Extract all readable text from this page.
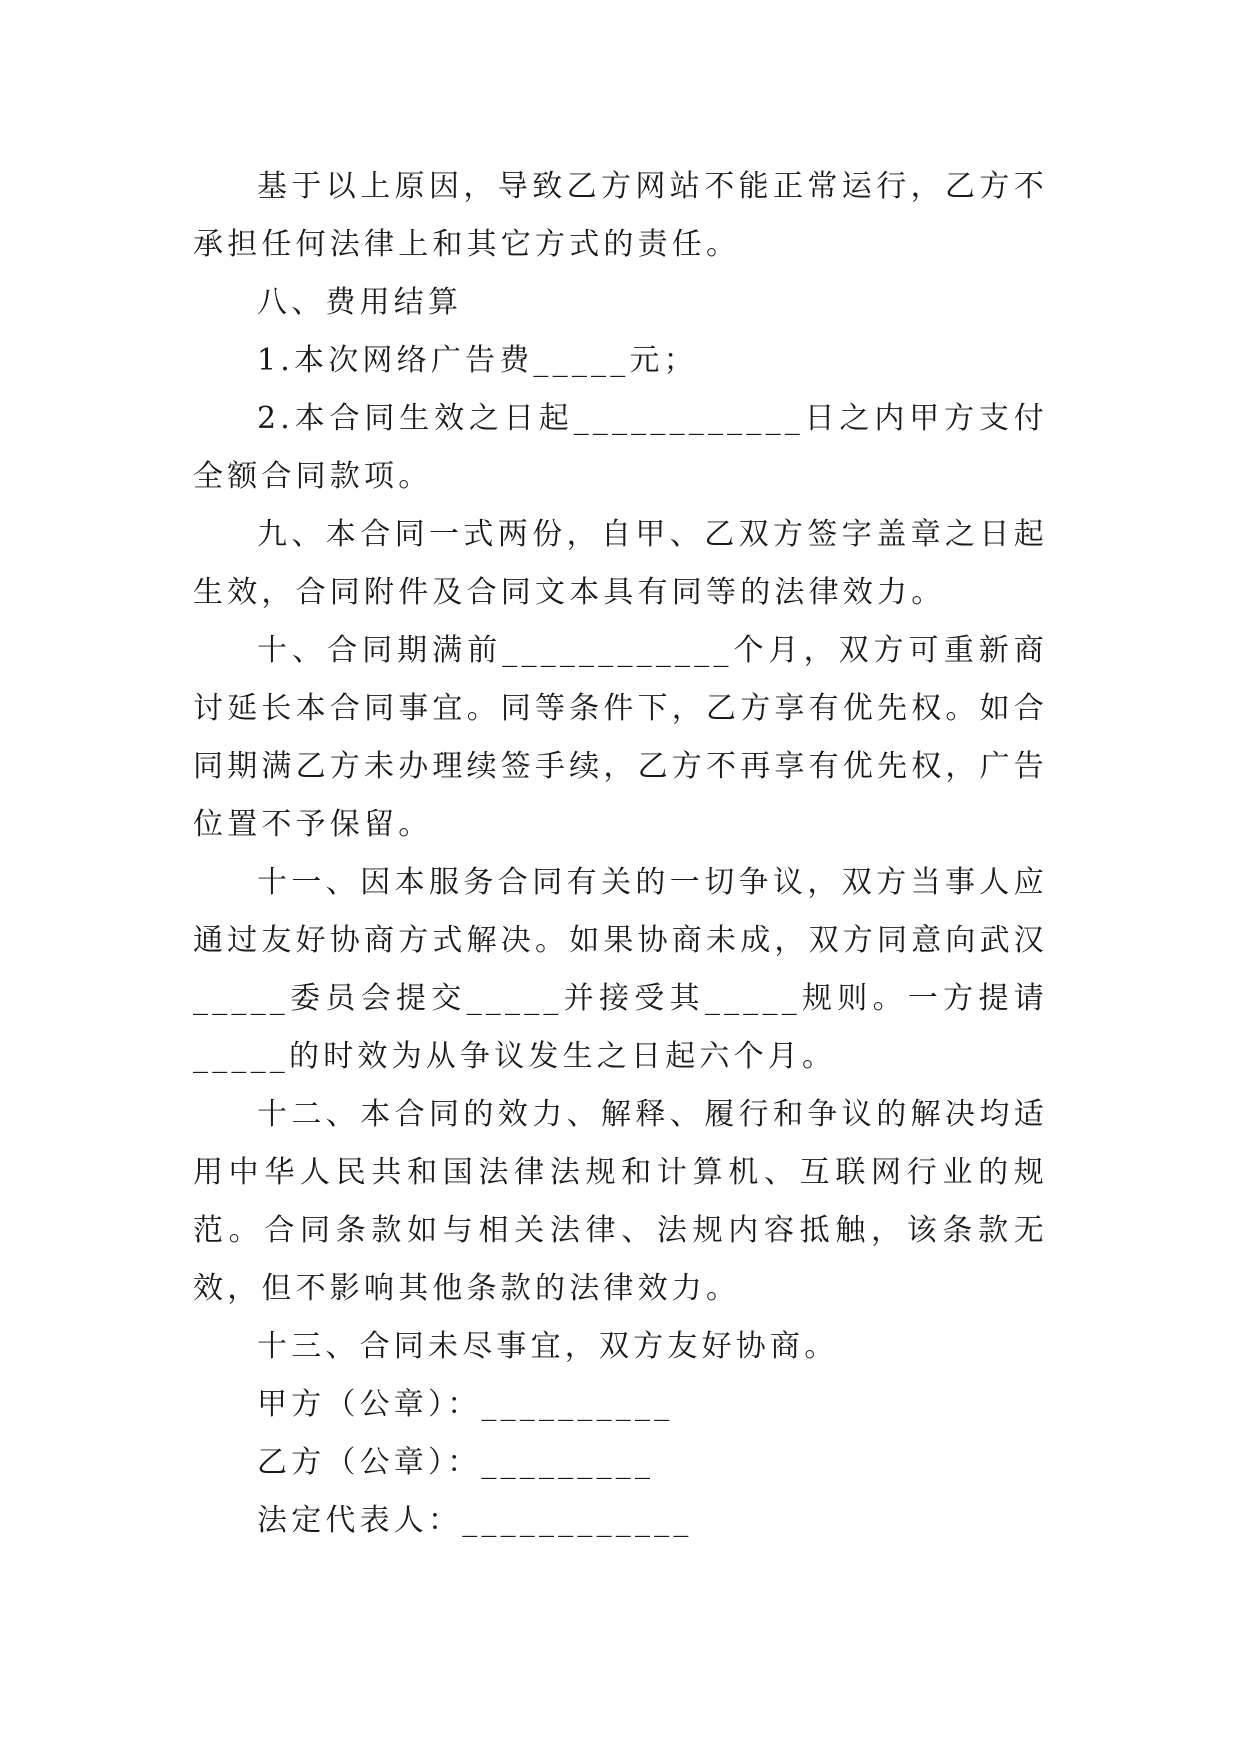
基于以上原因，导致乙方网站不能正常运行，乙方不承担任何法律上和其它方式的责任。

八、费用结算

1.本次网络广告费_____元；

2.本合同生效之日起____________日之内甲方支付全额合同款项。

九、本合同一式两份，自甲、乙双方签字盖章之日起生效，合同附件及合同文本具有同等的法律效力。

十、合同期满前____________个月，双方可重新商讨延长本合同事宜。同等条件下，乙方享有优先权。如合同期满乙方未办理续签手续，乙方不再享有优先权，广告位置不予保留。

十一、因本服务合同有关的一切争议，双方当事人应通过友好协商方式解决。如果协商未成，双方同意向武汉_____委员会提交_____并接受其_____规则。一方提请_____的时效为从争议发生之日起六个月。

十二、本合同的效力、解释、履行和争议的解决均适用中华人民共和国法律法规和计算机、互联网行业的规范。合同条款如与相关法律、法规内容抵触，该条款无效，但不影响其他条款的法律效力。

十三、合同未尽事宜，双方友好协商。

甲方（公章）：__________

乙方（公章）：_________

法定代表人：____________
